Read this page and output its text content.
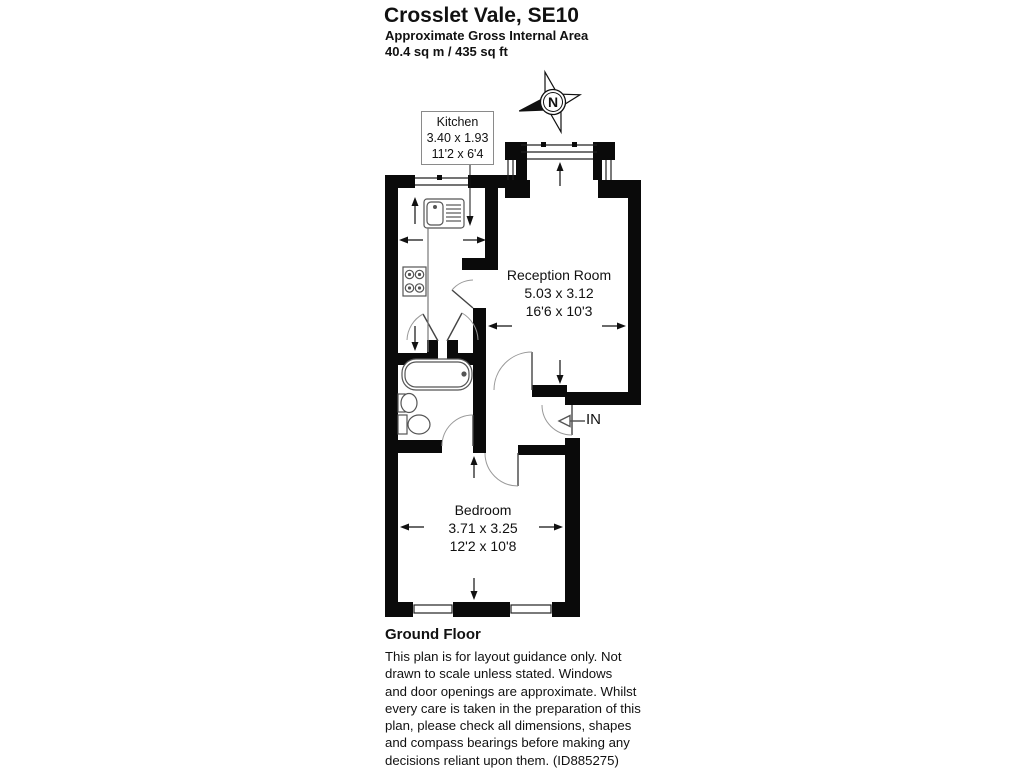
Crosslet Vale, SE10
Approximate Gross Internal Area
40.4 sq m / 435 sq ft
N
Kitchen
3.40 x 1.93
11'2 x 6'4
Reception Room
5.03 x 3.12
16'6 x 10'3
Bedroom
3.71 x 3.25
12'2 x 10'8
IN
Ground Floor
This plan is for layout guidance only. Not
drawn to scale unless stated. Windows
and door openings are approximate. Whilst
every care is taken in the preparation of this
plan, please check all dimensions, shapes
and compass bearings before making any
decisions reliant upon them. (ID885275)
